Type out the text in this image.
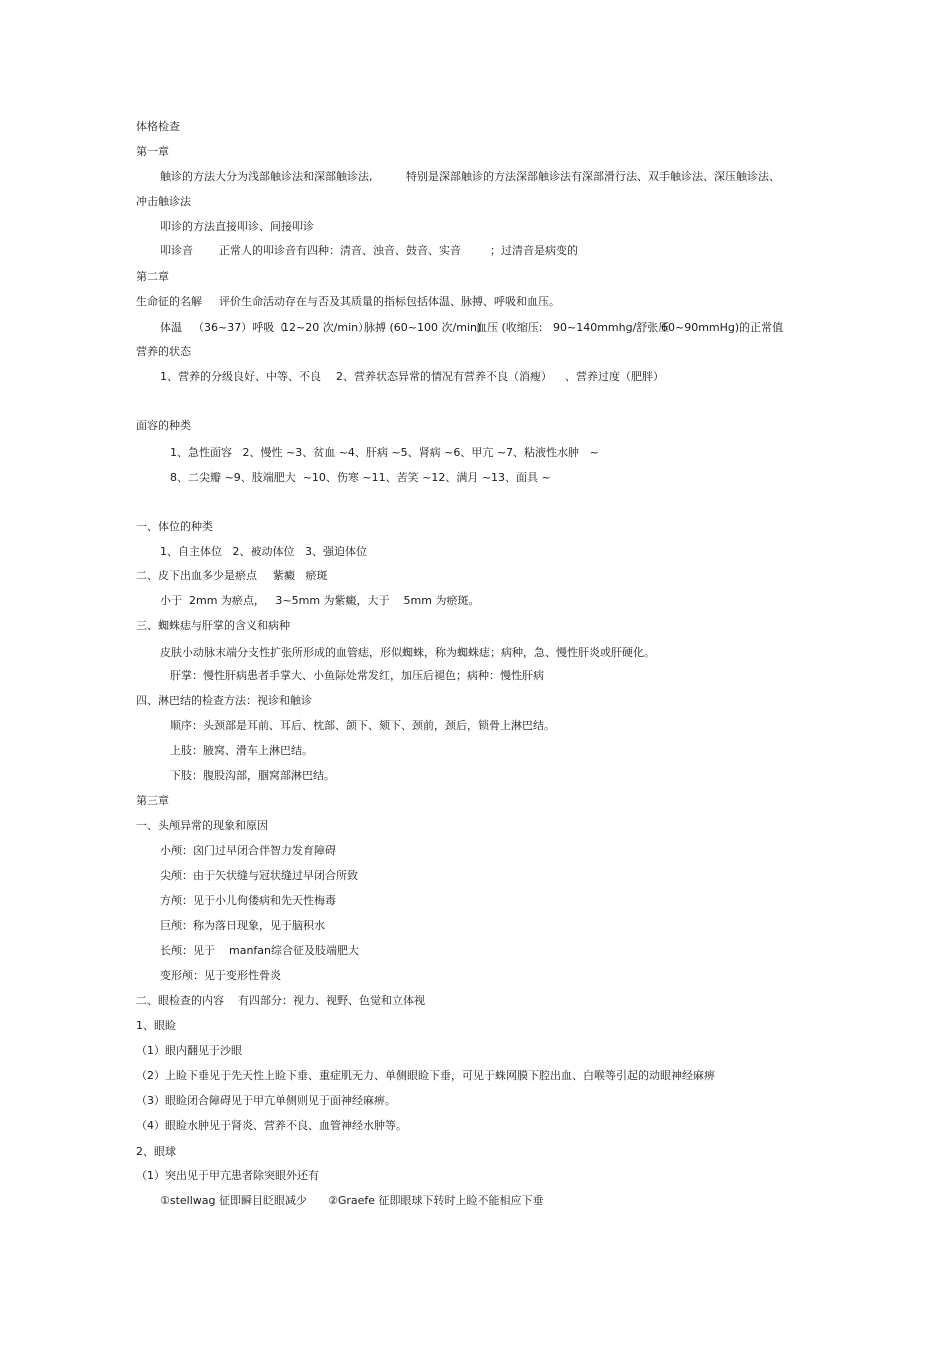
体格检查
第一章
触诊的方法大分为浅部触诊法和深部触诊法,	特别是深部触诊的方法深部触诊法有深部滑行法、双手触诊法、深压触诊法、
冲击触诊法
叩诊的方法直接叩诊、间接叩诊
叩诊音 正常人的叩诊音有四种：清音、浊音、鼓音、实音	；过清音是病变的
第二章
生命征的名解 评价生命活动存在与否及其质量的指标包括体温、脉搏、呼吸和血压。
体温 （36~37）呼吸（
12~20 次/min）
脉搏 (60~100 次/min)
血压 (收缩压: 90~140mmhg/舒张压
60~90mmHg)的正常值
营养的状态
1、营养的分级良好、中等、不良 2、营养状态异常的情况有营养不良（消瘦） 、营养过度（肥胖）
面容的种类
1、急性面容   2、慢性 ~3、贫血 ~4、肝病 ~5、肾病 ~6、甲亢 ~7、粘液性水肿   ~
8、二尖瓣 ~9、肢端肥大  ~10、伤寒 ~11、苦笑 ~12、满月 ~13、面具 ~
一、体位的种类
1、自主体位   2、被动体位   3、强迫体位
二、皮下出血多少是瘀点 紫癜   瘀斑
小于  2mm 为瘀点，   3~5mm 为紫癜，大于    5mm 为瘀斑。
三、蜘蛛痣与肝掌的含义和病种
皮肤小动脉末端分支性扩张所形成的血管痣，形似蜘蛛，称为蜘蛛痣；病种，急、慢性肝炎或肝硬化。
肝掌：慢性肝病患者手掌大、小鱼际处常发红，加压后褪色；病种：慢性肝病
四、淋巴结的检查方法：视诊和触诊
顺序：头颈部是耳前、耳后、枕部、颌下、颏下、颈前，颈后，锁骨上淋巴结。
上肢：腋窝、滑车上淋巴结。
下肢：腹股沟部，腘窝部淋巴结。
第三章
一、头颅异常的现象和原因
小颅：囟门过早闭合伴智力发育障碍
尖颅：由于矢状缝与冠状缝过早闭合所致
方颅：见于小儿佝偻病和先天性梅毒
巨颅：称为落日现象，见于脑积水
长颅：见于    manfan综合征及肢端肥大
变形颅：见于变形性骨炎
二、眼检查的内容 有四部分：视力、视野、色觉和立体视
1、眼睑
（1）眼内翻见于沙眼
（2）上睑下垂见于先天性上睑下垂、重症肌无力、单侧眼睑下垂，可见于蛛网膜下腔出血、白喉等引起的动眼神经麻痹
（3）眼睑闭合障碍见于甲亢单侧则见于面神经麻痹。
（4）眼睑水肿见于肾炎、营养不良、血管神经水肿等。
2、眼球
（1）突出见于甲亢患者除突眼外还有
①stellwag 征即瞬目眨眼减少 ②Graefe 征即眼球下转时上睑不能相应下垂
